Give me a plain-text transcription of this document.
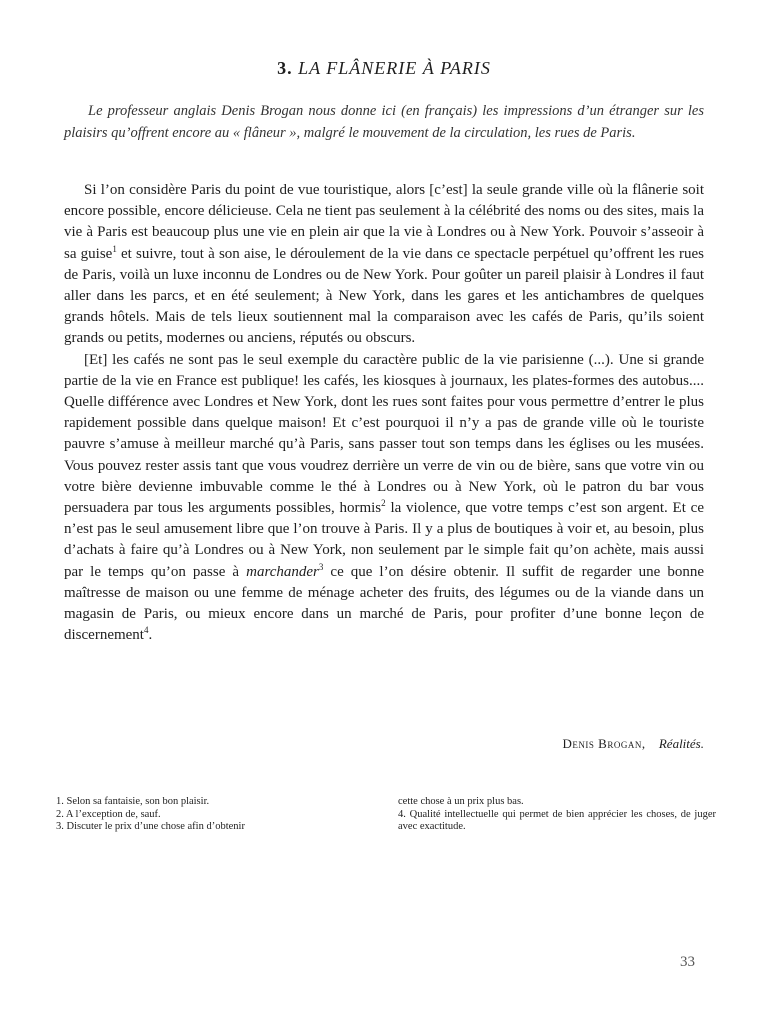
3. LA FLÂNERIE À PARIS
Le professeur anglais Denis Brogan nous donne ici (en français) les impressions d’un étranger sur les plaisirs qu’offrent encore au « flâneur », malgré le mouvement de la circulation, les rues de Paris.

Si l’on considère Paris du point de vue touristique, alors [c’est] la seule grande ville où la flânerie soit encore possible, encore délicieuse. Cela ne tient pas seulement à la célébrité des noms ou des sites, mais la vie à Paris est beaucoup plus une vie en plein air que la vie à Londres ou à New York. Pouvoir s’asseoir à sa guise$^1$ et suivre, tout à son aise, le déroulement de la vie dans ce spectacle perpétuel qu’offrent les rues de Paris, voilà un luxe inconnu de Londres ou de New York. Pour goûter un pareil plaisir à Londres il faut aller dans les parcs, et en été seulement; à New York, dans les gares et les antichambres de quelques grands hôtels. Mais de tels lieux soutiennent mal la comparaison avec les cafés de Paris, qu’ils soient grands ou petits, modernes ou anciens, réputés ou obscurs.

[Et] les cafés ne sont pas le seul exemple du caractère public de la vie parisienne (...). Une si grande partie de la vie en France est publique! les cafés, les kiosques à journaux, les plates-formes des autobus.... Quelle différence avec Londres et New York, dont les rues sont faites pour vous permettre d’entrer le plus rapidement possible dans quelque maison! Et c’est pourquoi il n’y a pas de grande ville où le touriste pauvre s’amuse à meilleur marché qu’à Paris, sans passer tout son temps dans les églises ou les musées. Vous pouvez rester assis tant que vous voudrez derrière un verre de vin ou de bière, sans que votre vin ou votre bière devienne imbuvable comme le thé à Londres ou à New York, où le patron du bar vous persuadera par tous les arguments possibles, hormis$^2$ la violence, que votre temps c’est son argent. Et ce n’est pas le seul amusement libre que l’on trouve à Paris. Il y a plus de boutiques à voir et, au besoin, plus d’achats à faire qu’à Londres ou à New York, non seulement par le simple fait qu’on achète, mais aussi par le temps qu’on passe à marchander$^3$ ce que l’on désire obtenir. Il suffit de regarder une bonne maîtresse de maison ou une femme de ménage acheter des fruits, des légumes ou de la viande dans un magasin de Paris, ou mieux encore dans un marché de Paris, pour profiter d’une bonne leçon de discernement$^4$.

Denis Brogan, Réalités.
1. Selon sa fantaisie, son bon plaisir.
2. A l’exception de, sauf.
3. Discuter le prix d’une chose afin d’obtenir
cette chose à un prix plus bas.
4. Qualité intellectuelle qui permet de bien apprécier les choses, de juger avec exactitude.
33
